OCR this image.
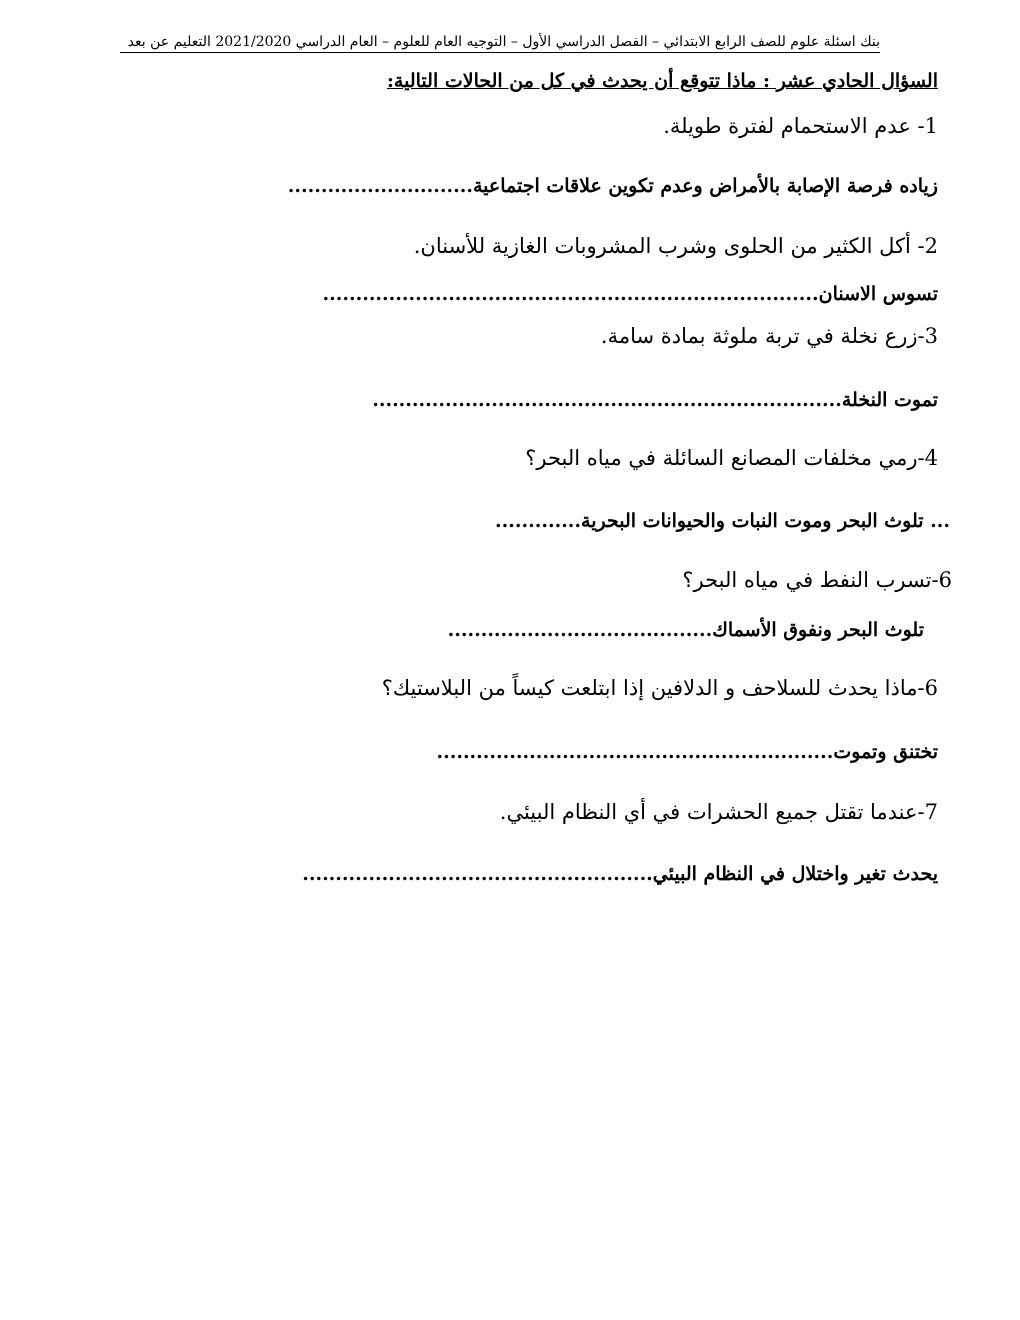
بنك اسئلة علوم للصف الرابع الابتدائي – الفصل الدراسي الأول – التوجيه العام للعلوم – العام الدراسي 2021/2020 التعليم عن بعد
السؤال الحادي عشر : ماذا تتوقع أن يحدث في كل من الحالات التالية:
1- عدم الاستحمام لفترة طويلة.
زياده فرصة الإصابة بالأمراض وعدم تكوين علاقات اجتماعية............................
2- أكل الكثير من الحلوى وشرب المشروبات الغازية للأسنان.
تسوس الاسنان...........................................................................
3-زرع نخلة في تربة ملوثة بمادة سامة.
تموت النخلة.......................................................................
4-رمي مخلفات المصانع السائلة في مياه البحر؟
... تلوث البحر وموت النبات والحيوانات البحرية.............
6-تسرب النفط في مياه البحر؟
تلوث البحر ونفوق الأسماك........................................
6-ماذا يحدث للسلاحف و الدلافين إذا ابتلعت كيساً من البلاستيك؟
تختنق وتموت............................................................
7-عندما تقتل جميع الحشرات في أي النظام البيئي.
يحدث تغير واختلال في النظام البيئي.....................................................
